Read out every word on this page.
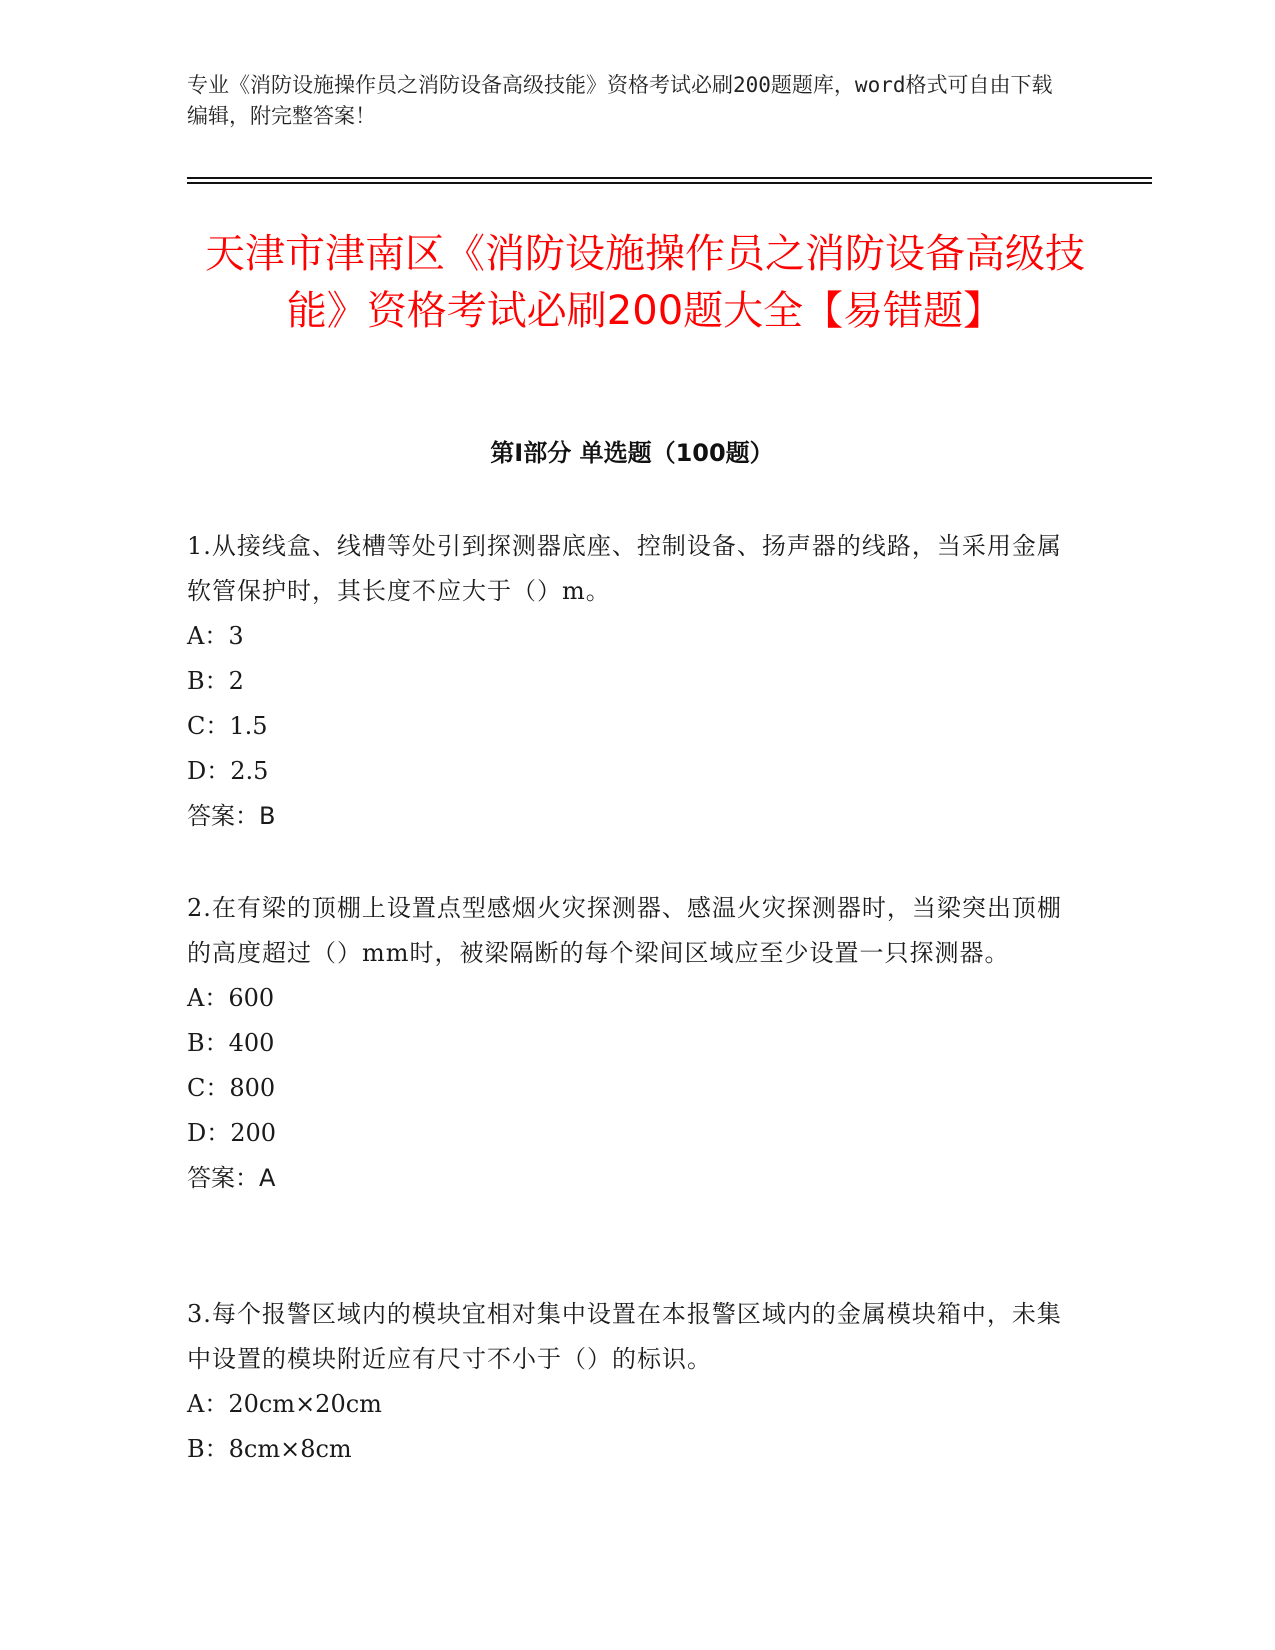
专业《消防设施操作员之消防设备高级技能》资格考试必刷200题题库，word格式可自由下载编辑，附完整答案！

天津市津南区《消防设施操作员之消防设备高级技能》资格考试必刷200题大全【易错题】
第I部分 单选题（100题）

1.从接线盒、线槽等处引到探测器底座、控制设备、扬声器的线路，当采用金属软管保护时，其长度不应大于（）m。

A：3

B：2

C：1.5

D：2.5

答案：B

2.在有梁的顶棚上设置点型感烟火灾探测器、感温火灾探测器时，当梁突出顶棚的高度超过（）mm时，被梁隔断的每个梁间区域应至少设置一只探测器。

A：600

B：400

C：800

D：200

答案：A

3.每个报警区域内的模块宜相对集中设置在本报警区域内的金属模块箱中，未集中设置的模块附近应有尺寸不小于（）的标识。

A：20cm×20cm

B：8cm×8cm
